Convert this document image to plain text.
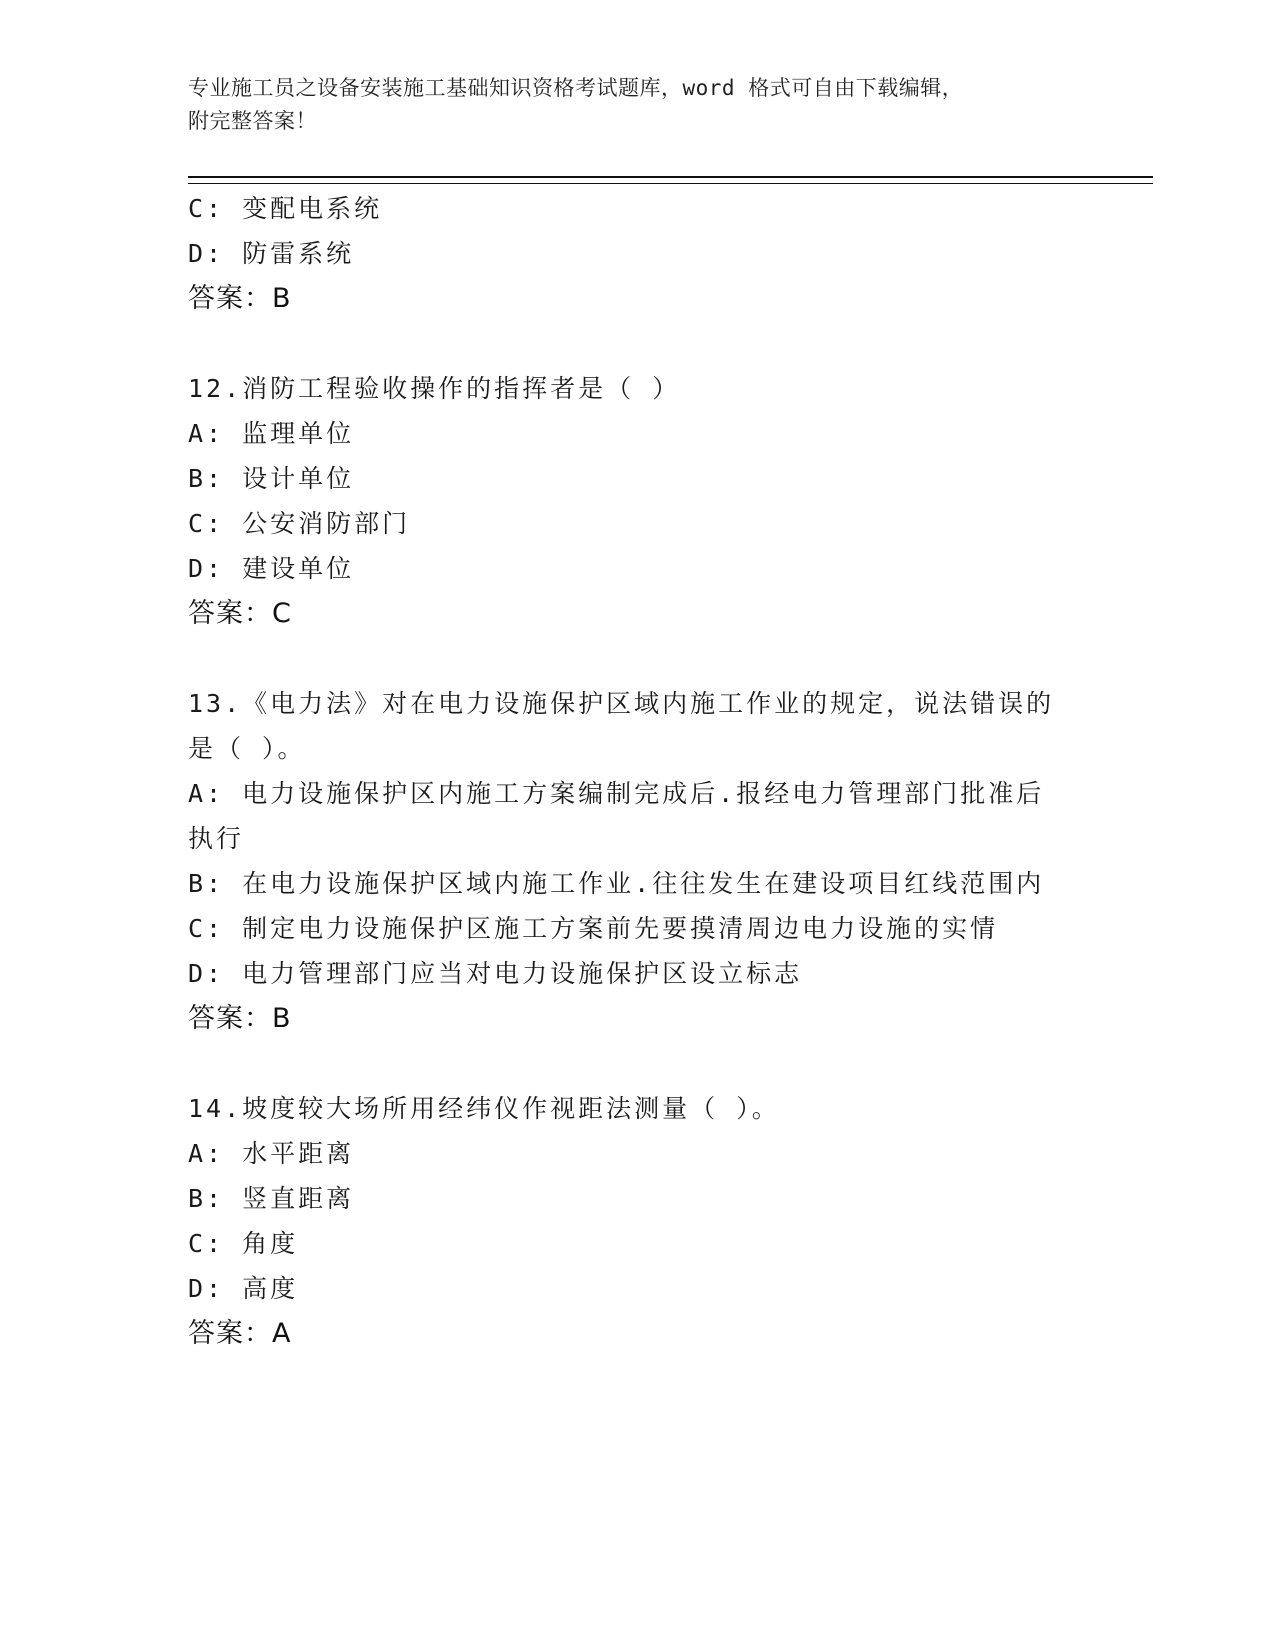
专业施工员之设备安装施工基础知识资格考试题库，word 格式可自由下载编辑，
附完整答案！
C: 变配电系统
D: 防雷系统
答案：B
12.消防工程验收操作的指挥者是（ ）
A: 监理单位
B: 设计单位
C: 公安消防部门
D: 建设单位
答案：C
13.《电力法》对在电力设施保护区域内施工作业的规定，说法错误的
是（ ）。
A: 电力设施保护区内施工方案编制完成后.报经电力管理部门批准后
执行
B: 在电力设施保护区域内施工作业.往往发生在建设项目红线范围内
C: 制定电力设施保护区施工方案前先要摸清周边电力设施的实情
D: 电力管理部门应当对电力设施保护区设立标志
答案：B
14.坡度较大场所用经纬仪作视距法测量（ ）。
A: 水平距离
B: 竖直距离
C: 角度
D: 高度
答案：A
